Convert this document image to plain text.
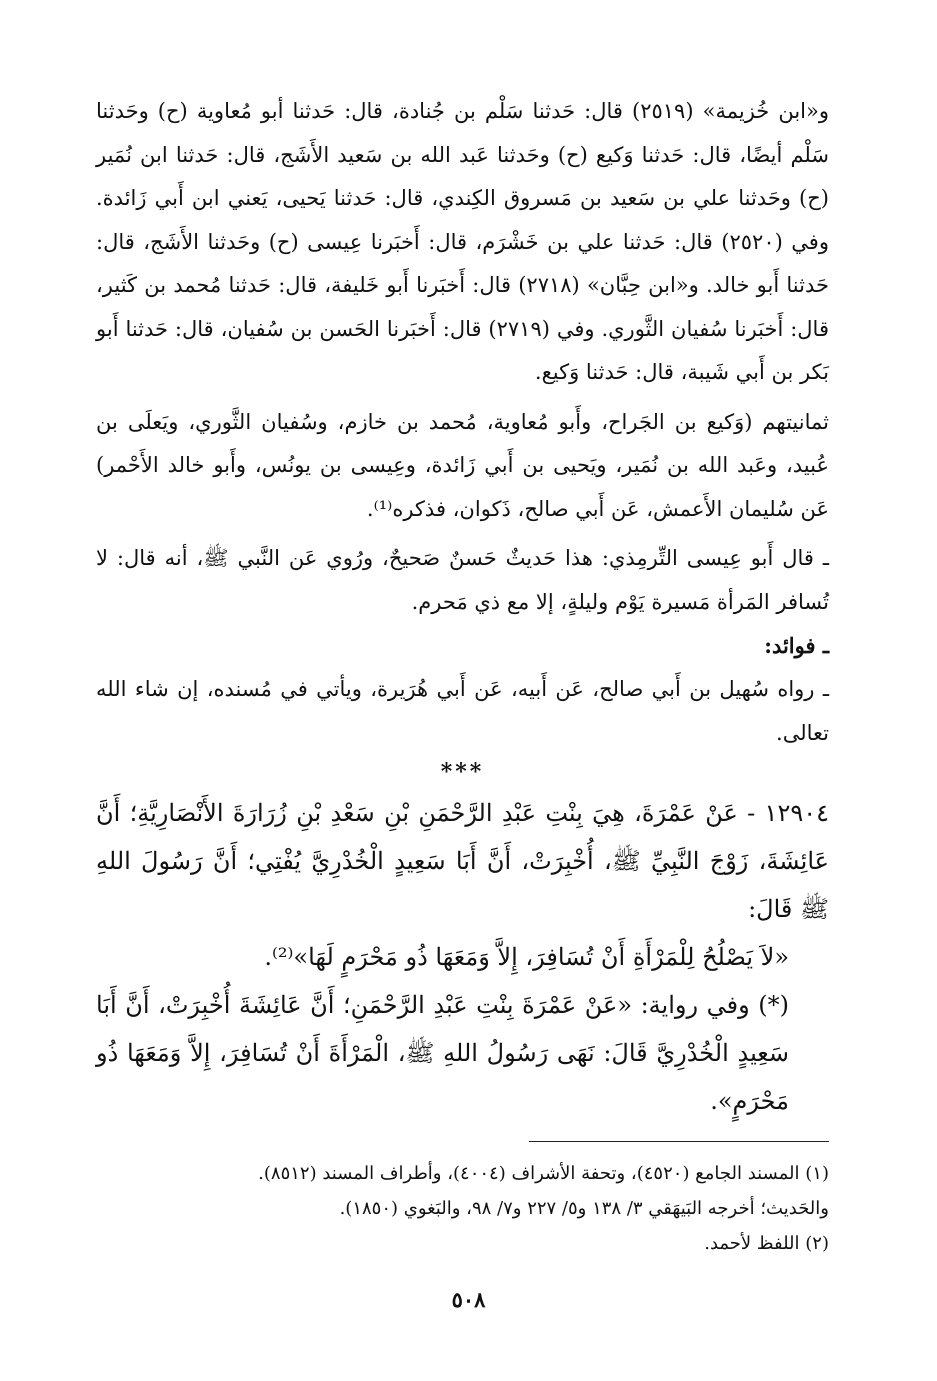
و«ابن خُزيمة» (٢٥١٩) قال: حَدثنا سَلْم بن جُنادة، قال: حَدثنا أبو مُعاوية (ح) وحَدثنا سَلْم أيضًا، قال: حَدثنا وَكيع (ح) وحَدثنا عَبد الله بن سَعيد الأَشَج، قال: حَدثنا ابن نُمَير (ح) وحَدثنا علي بن سَعيد بن مَسروق الكِندي، قال: حَدثنا يَحيى، يَعني ابن أَبي زَائدة. وفي (٢٥٢٠) قال: حَدثنا علي بن خَشْرَم، قال: أَخبَرنا عِيسى (ح) وحَدثنا الأَشَج، قال: حَدثنا أَبو خالد. و«ابن حِبَّان» (٢٧١٨) قال: أَخبَرنا أَبو خَليفة، قال: حَدثنا مُحمد بن كَثير، قال: أَخبَرنا سُفيان الثَّوري. وفي (٢٧١٩) قال: أَخبَرنا الحَسن بن سُفيان، قال: حَدثنا أَبو بَكر بن أَبي شَيبة، قال: حَدثنا وَكيع.

ثمانيتهم (وَكيع بن الجَراح، وأَبو مُعاوية، مُحمد بن خازم، وسُفيان الثَّوري، ويَعلَى بن عُبيد، وعَبد الله بن نُمَير، ويَحيى بن أَبي زَائدة، وعِيسى بن يونُس، وأَبو خالد الأَحْمر) عَن سُليمان الأَعمش، عَن أَبي صالح، ذَكوان، فذكره⁽¹⁾.

ـ قال أَبو عِيسى التِّرمِذي: هذا حَديثٌ حَسنٌ صَحيحٌ، ورُوي عَن النَّبي ﷺ، أنه قال: لا تُسافر المَرأة مَسيرة يَوْم وليلةٍ، إلا مع ذي مَحرم.

ـ فوائد:

ـ رواه سُهيل بن أَبي صالح، عَن أَبيه، عَن أَبي هُرَيرة، ويأتي في مُسنده، إن شاء الله تعالى.

***

١٢٩٠٤ - عَنْ عَمْرَةَ، هِيَ بِنْتِ عَبْدِ الرَّحْمَنِ بْنِ سَعْدِ بْنِ زُرَارَةَ الأَنْصَارِيَّةِ؛ أَنَّ عَائِشَةَ، زَوْجَ النَّبِيِّ ﷺ، أُخْبِرَتْ، أَنَّ أَبَا سَعِيدٍ الْخُدْرِيَّ يُفْتِي؛ أَنَّ رَسُولَ اللهِ ﷺ قَالَ:

«لاَ يَصْلُحُ لِلْمَرْأَةِ أَنْ تُسَافِرَ، إِلاَّ وَمَعَهَا ذُو مَحْرَمٍ لَهَا»⁽²⁾.

(*) وفي رواية: «عَنْ عَمْرَةَ بِنْتِ عَبْدِ الرَّحْمَنِ؛ أَنَّ عَائِشَةَ أُخْبِرَتْ، أَنَّ أَبَا سَعِيدٍ الْخُدْرِيَّ قَالَ: نَهَى رَسُولُ اللهِ ﷺ، الْمَرْأَةَ أَنْ تُسَافِرَ، إِلاَّ وَمَعَهَا ذُو مَحْرَمٍ».

(١) المسند الجامع (٤٥٢٠)، وتحفة الأشراف (٤٠٠٤)، وأطراف المسند (٨٥١٢).

والحَديث؛ أخرجه البَيهَقي ٣/ ١٣٨ و٥/ ٢٢٧ و٧/ ٩٨، والبَغوي (١٨٥٠).

(٢) اللفظ لأحمد.

٥٠٨
